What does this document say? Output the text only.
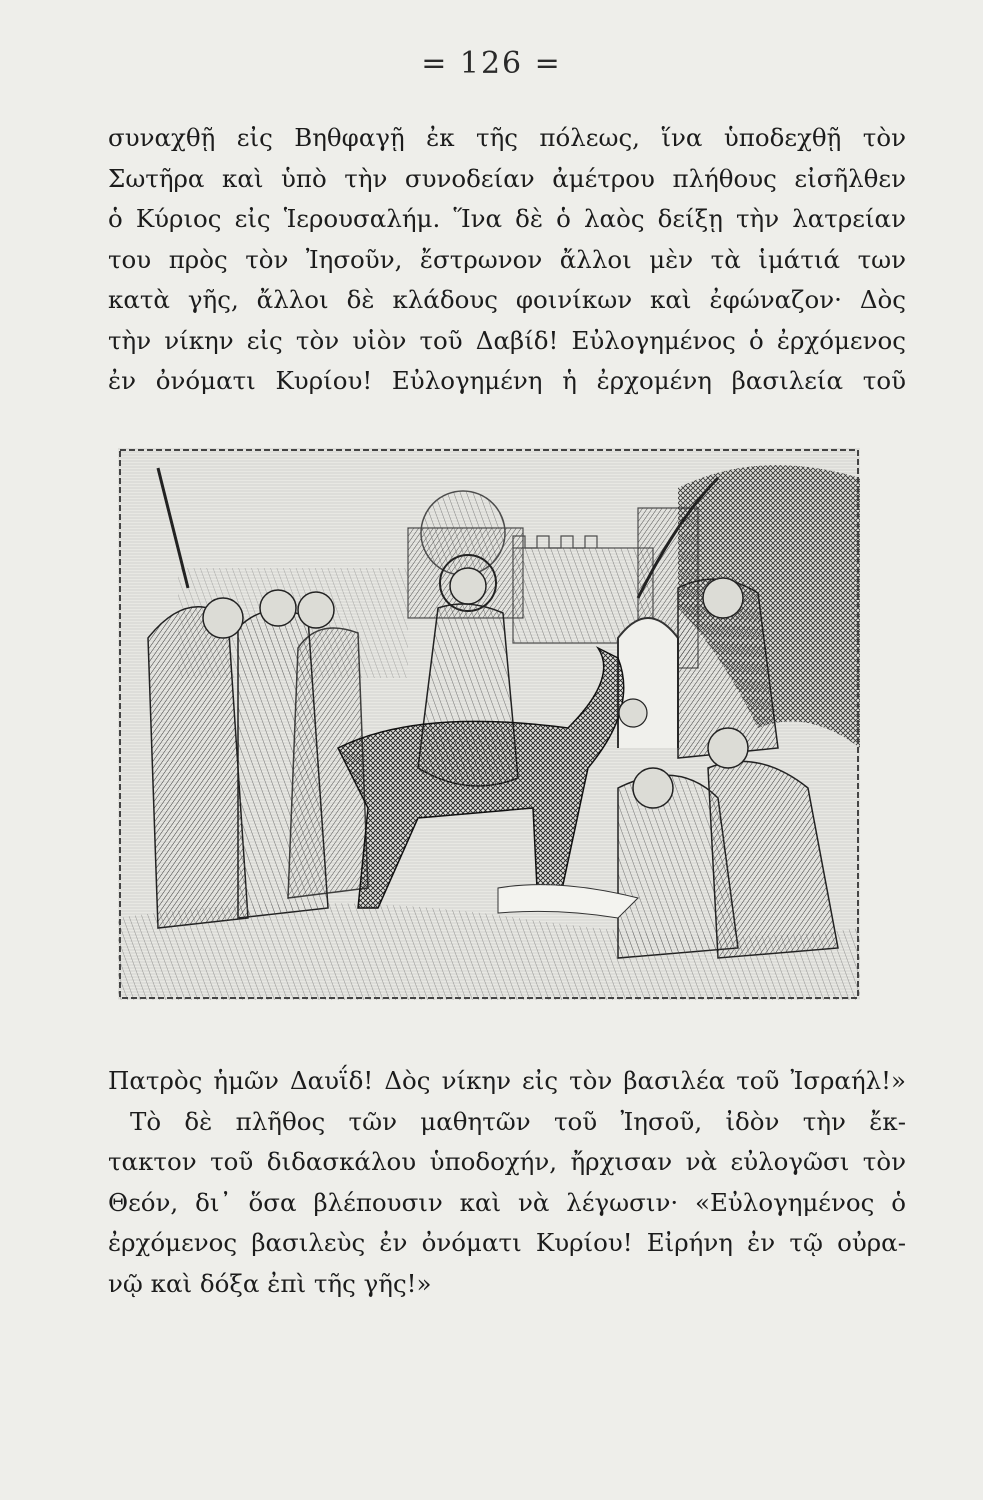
= 126 =
συναχθῇ εἰς Βηθφαγῇ ἐκ τῆς πόλεως, ἵνα ὑποδεχθῇ τὸν
Σωτῆρα καὶ ὑπὸ τὴν συνοδείαν ἀμέτρου πλήθους εἰσῆλθεν
ὁ Κύριος εἰς Ἱερουσαλήμ. Ἵνα δὲ ὁ λαὸς δείξῃ τὴν λατρείαν
του πρὸς τὸν Ἰησοῦν, ἔστρωνον ἄλλοι μὲν τὰ ἱμάτιά των
κατὰ γῆς, ἄλλοι δὲ κλάδους φοινίκων καὶ ἐφώναζον· Δὸς
τὴν νίκην εἰς τὸν υἱὸν τοῦ Δαβίδ! Εὐλογημένος ὁ ἐρχόμενος
ἐν ὀνόματι Κυρίου! Εὐλογημένη ἡ ἐρχομένη βασιλεία τοῦ
Πατρὸς ἡμῶν Δαυΐδ! Δὸς νίκην εἰς τὸν βασιλέα τοῦ Ἰσραήλ!»
Τὸ δὲ πλῆθος τῶν μαθητῶν τοῦ Ἰησοῦ, ἰδὸν τὴν ἔκ-
τακτον τοῦ διδασκάλου ὑποδοχήν, ἤρχισαν νὰ εὐλογῶσι τὸν
Θεόν, δι᾽ ὅσα βλέπουσιν καὶ νὰ λέγωσιν· «Εὐλογημένος ὁ
ἐρχόμενος βασιλεὺς ἐν ὀνόματι Κυρίου! Εἰρήνη ἐν τῷ οὐρα-
νῷ καὶ δόξα ἐπὶ τῆς γῆς!»
